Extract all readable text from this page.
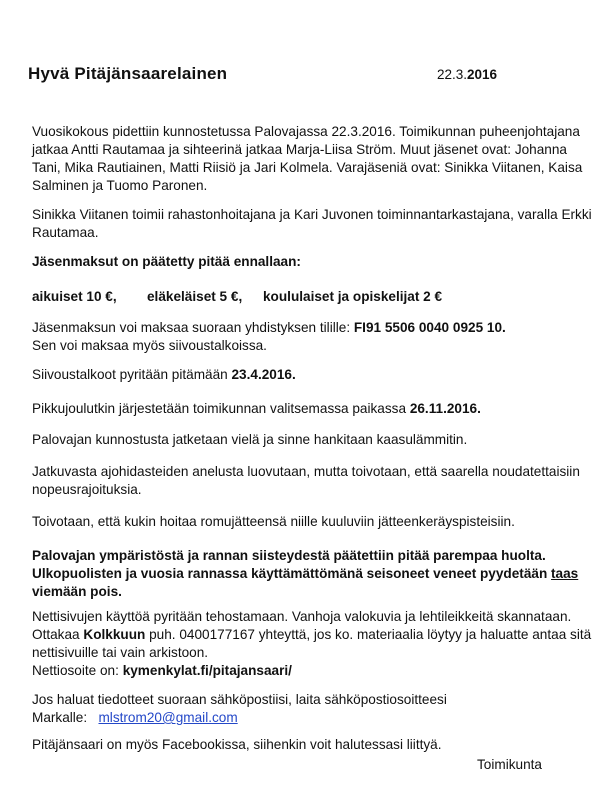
Hyvä Pitäjänsaarelainen	22.3.2016

Vuosikokous pidettiin kunnostetussa Palovajassa 22.3.2016. Toimikunnan puheenjohtajana jatkaa Antti Rautamaa ja sihteerinä jatkaa Marja-Liisa Ström. Muut jäsenet ovat: Johanna Tani, Mika Rautiainen, Matti Riisiö ja Jari Kolmela. Varajäseniä ovat: Sinikka Viitanen, Kaisa Salminen ja Tuomo Paronen.

Sinikka Viitanen toimii rahastonhoitajana ja Kari Juvonen toiminnantarkastajana, varalla Erkki Rautamaa.

Jäsenmaksut on päätetty pitää ennallaan:

aikuiset 10 €, eläkeläiset 5 €, koululaiset ja opiskelijat 2 €

Jäsenmaksun voi maksaa suoraan yhdistyksen tilille: FI91 5506 0040 0925 10.
Sen voi maksaa myös siivoustalkoissa.

Siivoustalkoot pyritään pitämään 23.4.2016.

Pikkujoulutkin järjestetään toimikunnan valitsemassa paikassa 26.11.2016.

Palovajan kunnostusta jatketaan vielä ja sinne hankitaan kaasulämmitin.

Jatkuvasta ajohidasteiden anelusta luovutaan, mutta toivotaan, että saarella noudatettaisiin nopeusrajoituksia.

Toivotaan, että kukin hoitaa romujätteensä niille kuuluviin jätteenkeräyspisteisiin.

Palovajan ympäristöstä ja rannan siisteydestä päätettiin pitää parempaa huolta. Ulkopuolisten ja vuosia rannassa käyttämättömänä seisoneet veneet pyydetään taas viemään pois.

Nettisivujen käyttöä pyritään tehostamaan. Vanhoja valokuvia ja lehtileikkeitä skannataan. Ottakaa Kolkkuun puh. 0400177167 yhteyttä, jos ko. materiaalia löytyy ja haluatte antaa sitä nettisivuille tai vain arkistoon.
Nettiosoite on: kymenkylat.fi/pitajansaari/

Jos haluat tiedotteet suoraan sähköpostiisi, laita sähköpostiosoitteesi
Markalle:   mlstrom20@gmail.com

Pitäjänsaari on myös Facebookissa, siihenkin voit halutessasi liittyä.

Toimikunta
